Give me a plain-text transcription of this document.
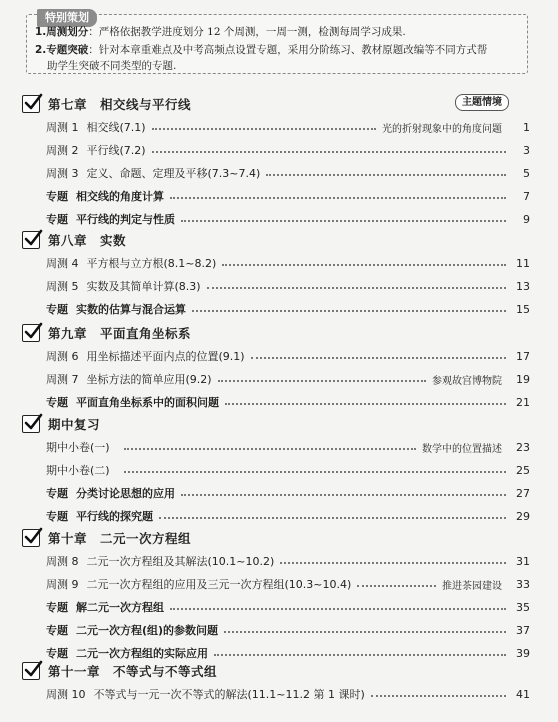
特别策划
1.周测划分：严格依据教学进度划分 12 个周测，一周一测，检测每周学习成果.
2.专题突破：针对本章重难点及中考高频点设置专题，采用分阶练习、教材原题改编等不同方式帮
助学生突破不同类型的专题.
主题情境
第七章　相交线与平行线
周测 1 相交线(7.1)	光的折射现象中的角度问题	1
周测 2 平行线(7.2)	3
周测 3 定义、命题、定理及平移(7.3~7.4)	5
专题 相交线的角度计算	7
专题 平行线的判定与性质	9
第八章　实数
周测 4 平方根与立方根(8.1~8.2)	11
周测 5 实数及其简单计算(8.3)	13
专题 实数的估算与混合运算	15
第九章　平面直角坐标系
周测 6 用坐标描述平面内点的位置(9.1)	17
周测 7 坐标方法的简单应用(9.2)	参观故宫博物院	19
专题 平面直角坐标系中的面积问题	21
期中复习
期中小卷(一)	数学中的位置描述	23
期中小卷(二)	25
专题 分类讨论思想的应用	27
专题 平行线的探究题	29
第十章　二元一次方程组
周测 8 二元一次方程组及其解法(10.1~10.2)	31
周测 9 二元一次方程组的应用及三元一次方程组(10.3~10.4)	推进茶园建设	33
专题 解二元一次方程组	35
专题 二元一次方程(组)的参数问题	37
专题 二元一次方程组的实际应用	39
第十一章　不等式与不等式组
周测 10 不等式与一元一次不等式的解法(11.1~11.2 第 1 课时)	41
